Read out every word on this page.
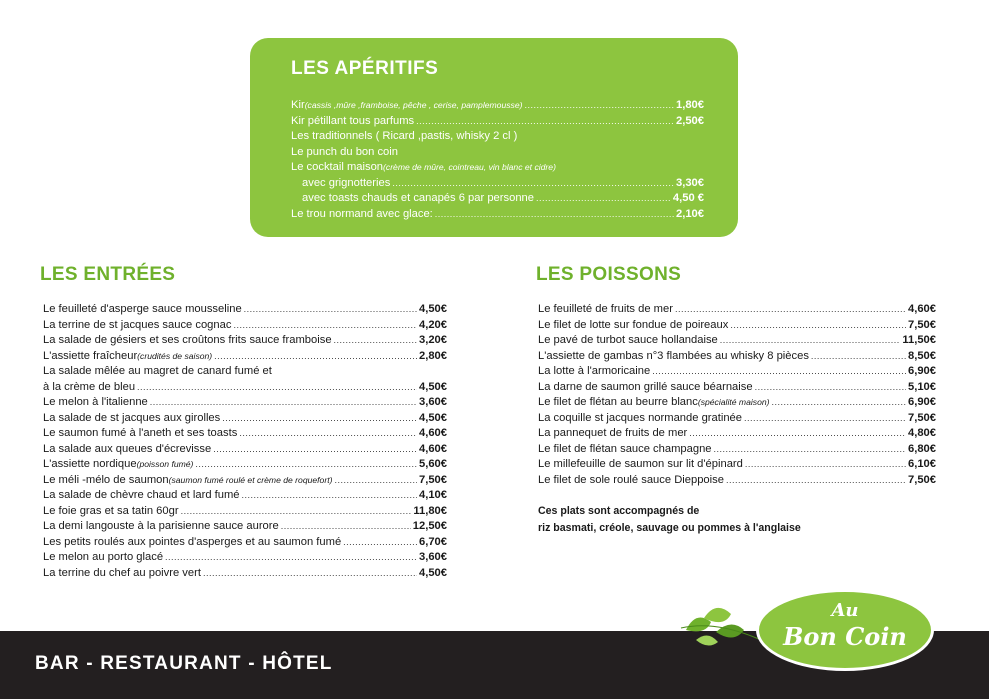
LES APÉRITIFS
Kir (cassis ,mûre ,framboise, pêche , cerise, pamplemousse) .....	1,80€
Kir pétillant tous parfums .....	2,50€
Les traditionnels ( Ricard ,pastis, whisky 2 cl )
Le punch du bon coin
Le cocktail maison (crème de mûre, cointreau, vin blanc et cidre)
avec grignotteries .....	3,30€
avec toasts chauds et canapés 6 par personne .....	4,50 €
Le trou normand avec glace: .....	2,10€
LES ENTRÉES
Le feuilleté d'asperge sauce mousseline .....	4,50€
La terrine de st jacques sauce cognac .....	4,20€
La salade de gésiers et ses croûtons frits sauce framboise .....	3,20€
L'assiette fraîcheur (crudités de saison) .....	2,80€
La salade mêlée au magret de canard fumé et
à la crème de bleu .....	4,50€
Le melon à l'italienne .....	3,60€
La salade de st jacques aux girolles .....	4,50€
Le saumon fumé à l'aneth et ses toasts .....	4,60€
La salade aux queues d'écrevisse .....	4,60€
L'assiette nordique (poisson fumé) .....	5,60€
Le méli -mélo de saumon (saumon fumé roulé et crème de roquefort) .....	7,50€
La salade de chèvre chaud et lard fumé .....	4,10€
Le foie gras et sa tatin 60gr .....	11,80€
La demi langouste à la parisienne sauce aurore .....	12,50€
Les petits roulés aux pointes d'asperges et au saumon fumé .....	6,70€
Le melon au porto glacé .....	3,60€
La terrine du chef au poivre vert .....	4,50€
LES POISSONS
Le feuilleté de fruits de mer .....	4,60€
Le filet de lotte sur fondue de poireaux .....	7,50€
Le pavé de turbot sauce hollandaise .....	11,50€
L'assiette de gambas n°3 flambées au whisky 8 pièces .....	8,50€
La lotte à l'armoricaine .....	6,90€
La darne de saumon grillé sauce béarnaise .....	5,10€
Le filet de flétan au beurre blanc (spécialité maison) .....	6,90€
La coquille st jacques normande gratinée .....	7,50€
La pannequet de fruits de mer .....	4,80€
Le filet de flétan sauce champagne .....	6,80€
Le millefeuille de saumon sur lit d'épinard .....	6,10€
Le filet de sole roulé sauce Dieppoise .....	7,50€
Ces plats sont accompagnés de
riz basmati, créole, sauvage ou pommes à l'anglaise
BAR - RESTAURANT - HÔTEL
Au
Bon Coin
